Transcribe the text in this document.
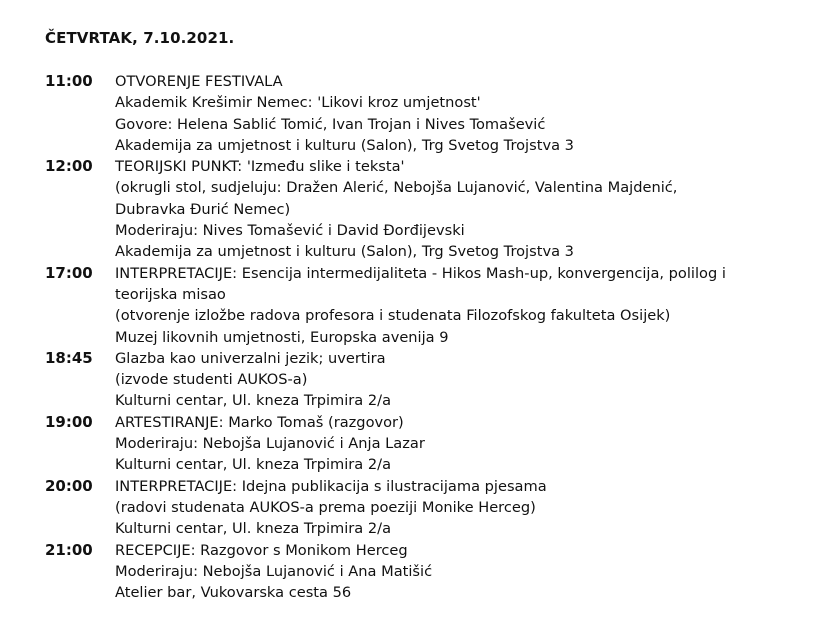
ČETVRTAK, 7.10.2021.
11:00	OTVORENJE FESTIVALA
Akademik Krešimir Nemec: 'Likovi kroz umjetnost'
Govore: Helena Sablić Tomić, Ivan Trojan i Nives Tomašević
Akademija za umjetnost i kulturu (Salon), Trg Svetog Trojstva 3
12:00	TEORIJSKI PUNKT: 'Između slike i teksta'
(okrugli stol, sudjeluju: Dražen Alerić, Nebojša Lujanović, Valentina Majdenić,
Dubravka Đurić Nemec)
Moderiraju: Nives Tomašević i David Đorđijevski
Akademija za umjetnost i kulturu (Salon), Trg Svetog Trojstva 3
17:00	INTERPRETACIJE: Esencija intermedijaliteta - Hikos Mash-up, konvergencija, polilog i
teorijska misao
(otvorenje izložbe radova profesora i studenata Filozofskog fakulteta Osijek)
Muzej likovnih umjetnosti, Europska avenija 9
18:45	Glazba kao univerzalni jezik; uvertira
(izvode studenti AUKOS-a)
Kulturni centar, Ul. kneza Trpimira 2/a
19:00	ARTESTIRANJE: Marko Tomaš (razgovor)
Moderiraju: Nebojša Lujanović i Anja Lazar
Kulturni centar, Ul. kneza Trpimira 2/a
20:00	INTERPRETACIJE: Idejna publikacija s ilustracijama pjesama
(radovi studenata AUKOS-a prema poeziji Monike Herceg)
Kulturni centar, Ul. kneza Trpimira 2/a
21:00	RECEPCIJE: Razgovor s Monikom Herceg
Moderiraju: Nebojša Lujanović i Ana Matišić
Atelier bar, Vukovarska cesta 56
